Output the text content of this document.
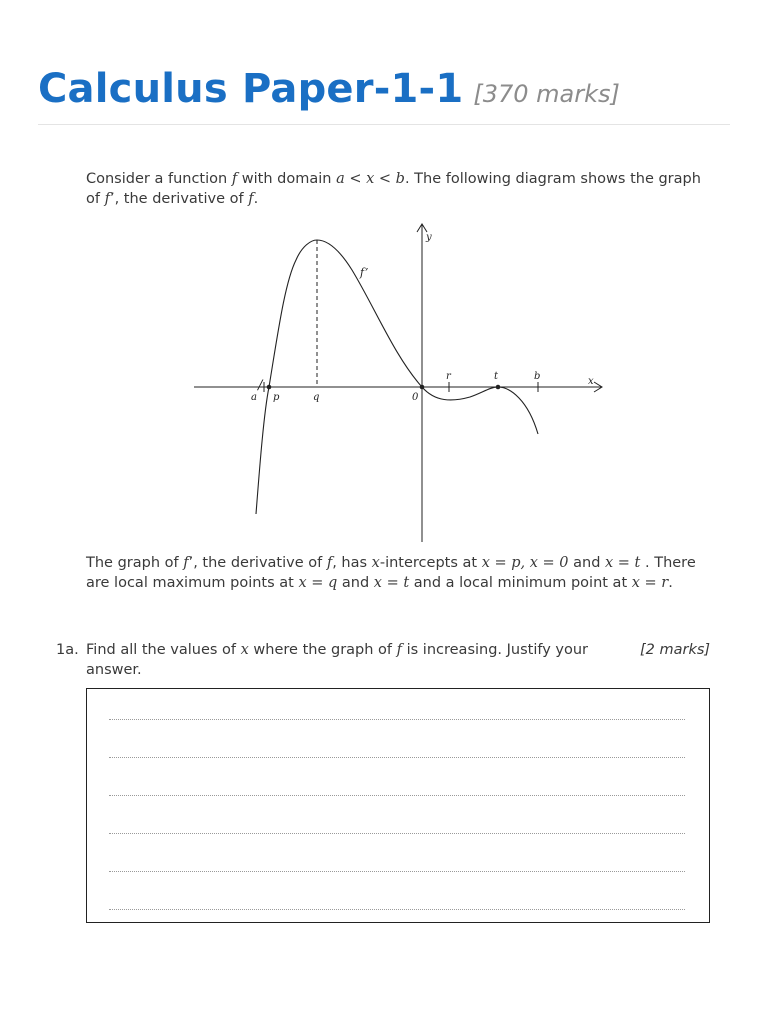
Calculus Paper-1-1 [370 marks]
Consider a function f with domain a < x < b. The following diagram shows the graph of f’, the derivative of f.
y
x
f’
a
/
p	q	0
r	t	b
The graph of f’, the derivative of f, has x-intercepts at x = p, x = 0 and x = t . There are local maximum points at x = q and x = t and a local minimum point at x = r.
1a. Find all the values of x where the graph of f is increasing. Justify your answer.
[2 marks]
